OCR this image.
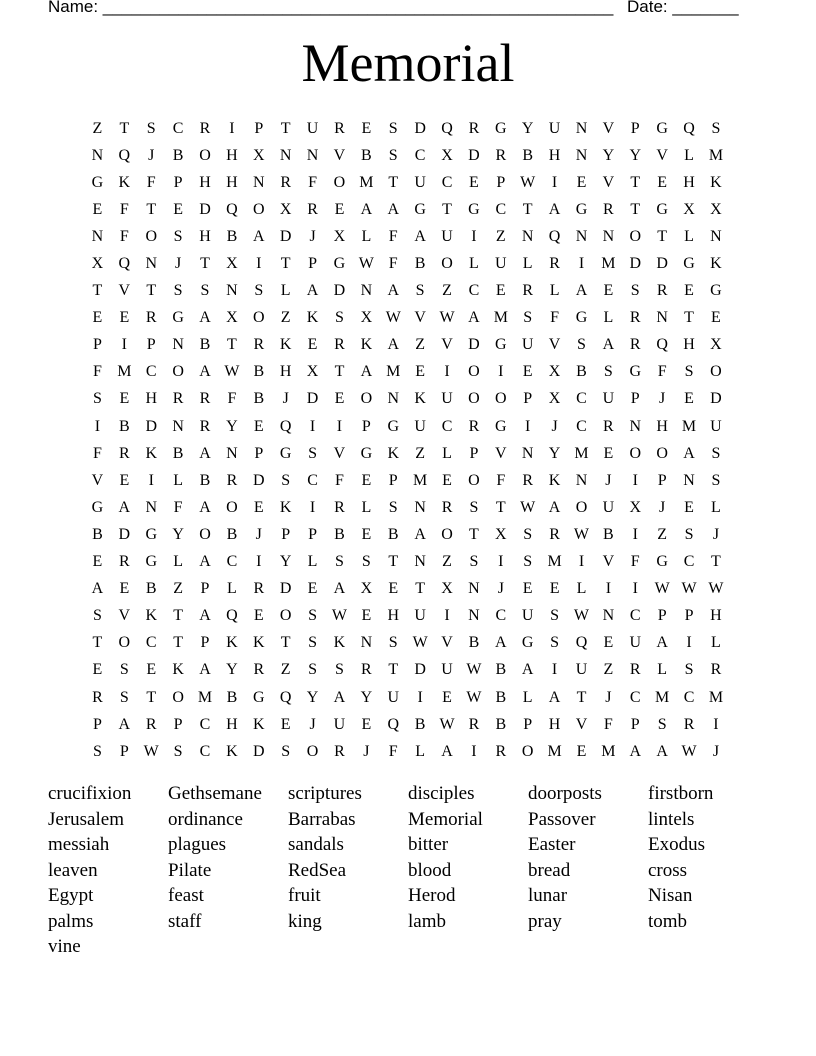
Name: ______________________________________________________ Date: _______
Memorial
Z	T	S	C	R	I	P	T	U R	E	S	D Q R G Y U N V	P	G Q	S
N Q	J	B O H X N N V B	S	C X D R	B H N Y Y V	L M
G K	F	P	H H N R	F	O M T	U C	E	P W	I	E	V	T	E	H K
E	F	T	E	D Q O X R	E	A A G	T	G C	T	A G R	T	G X X
N	F	O	S	H B A D	J	X	L	F	A U	I	Z	N Q N N O	T	L	N
X Q N	J	T	X	I	T	P	G W F	B O	L	U	L	R	I	M D D G K
T	V	T	S	S	N	S	L	A D N A	S	Z	C	E	R	L	A	E	S	R	E	G
E	E	R G A X O	Z	K	S	X W V W A M S	F	G	L	R N	T	E
P	I	P	N B	T	R K	E	R K A	Z	V D G U V	S	A R Q H X
F M C O A W B H X	T	A M E	I	O	I	E	X B	S	G	F	S	O
S	E	H R	R	F	B	J	D	E	O N K U O O	P	X C U	P	J	E	D
I	B D N R Y	E	Q	I	I	P	G U C	R G	I	J	C	R N H M U
F	R K B A N	P	G	S	V G K	Z	L	P	V N Y M E	O O A	S
V	E	I	L	B	R D	S	C	F	E	P M E	O	F	R K N	J	I	P	N	S
G A N	F	A O	E	K	I	R	L	S	N R	S	T W A O U X	J	E	L
B D G Y O B	J	P	P	B	E	B A O	T	X	S	R W B	I	Z	S	J
E	R G	L	A C	I	Y	L	S	S	T	N	Z	S	I	S M	I	V	F	G C	T
A	E	B	Z	P	L	R D	E	A X	E	T	X N	J	E	E	L	I	I	W W W
S	V K	T	A Q	E	O	S W E	H U	I	N C U	S W N C	P	P	H
T	O C	T	P	K K	T	S	K N	S W V B A G	S	Q	E	U A	I	L
E	S	E	K A Y R	Z	S	S	R	T	D U W B A	I	U	Z	R	L	S	R
R	S	T	O M B G Q Y A Y U	I	E W B	L	A	T	J	C M C M
P	A R	P	C H K	E	J	U	E	Q B W R	B	P	H V	F	P	S	R	I
S	P W S	C K D	S	O R	J	F	L	A	I	R O M E M A A W	J
crucifixion	Gethsemane	scriptures	disciples	doorposts	firstborn
Jerusalem	ordinance	Barrabas	Memorial	Passover	lintels
messiah	plagues	sandals	bitter	Easter	Exodus
leaven	Pilate	RedSea	blood	bread	cross
Egypt	feast	fruit	Herod	lunar	Nisan
palms	staff	king	lamb	pray	tomb
vine
